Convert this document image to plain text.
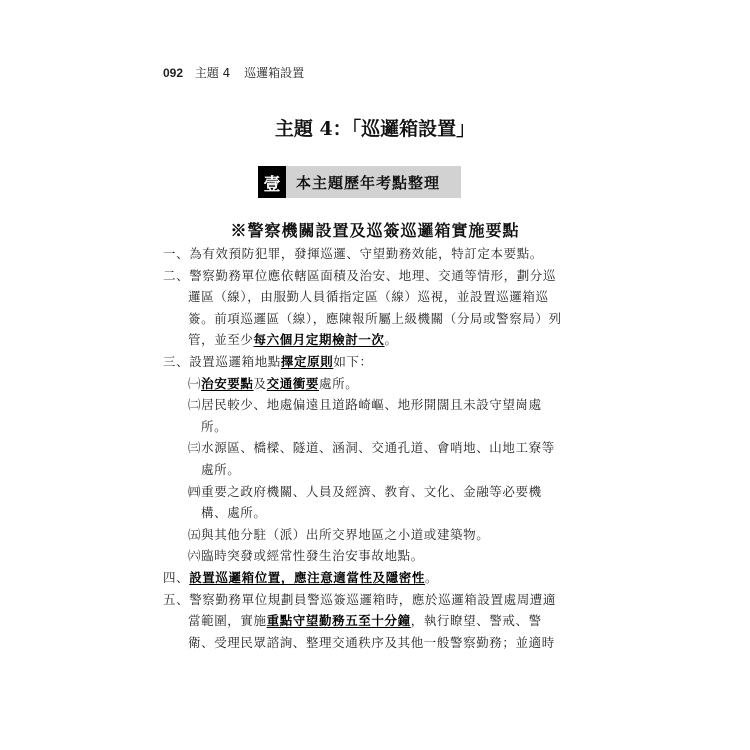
092 主題 4 巡邏箱設置
主題 4：「巡邏箱設置」
壹	本主題歷年考點整理
※警察機關設置及巡簽巡邏箱實施要點
一、為有效預防犯罪，發揮巡邏、守望勤務效能，特訂定本要點。
二、警察勤務單位應依轄區面積及治安、地理、交通等情形，劃分巡
邏區（線），由服勤人員循指定區（線）巡視，並設置巡邏箱巡
簽。前項巡邏區（線），應陳報所屬上級機關（分局或警察局）列
管，並至少每六個月定期檢討一次。
三、設置巡邏箱地點擇定原則如下：
㈠治安要點及交通衝要處所。
㈡居民較少、地處偏遠且道路崎嶇、地形開闊且未設守望崗處
所。
㈢水源區、橋樑、隧道、涵洞、交通孔道、會哨地、山地工寮等
處所。
㈣重要之政府機關、人員及經濟、教育、文化、金融等必要機
構、處所。
㈤與其他分駐（派）出所交界地區之小道或建築物。
㈥臨時突發或經常性發生治安事故地點。
四、設置巡邏箱位置，應注意適當性及隱密性。
五、警察勤務單位規劃員警巡簽巡邏箱時，應於巡邏箱設置處周遭適
當範圍，實施重點守望勤務五至十分鐘，執行瞭望、警戒、警
衛、受理民眾諮詢、整理交通秩序及其他一般警察勤務；並適時
